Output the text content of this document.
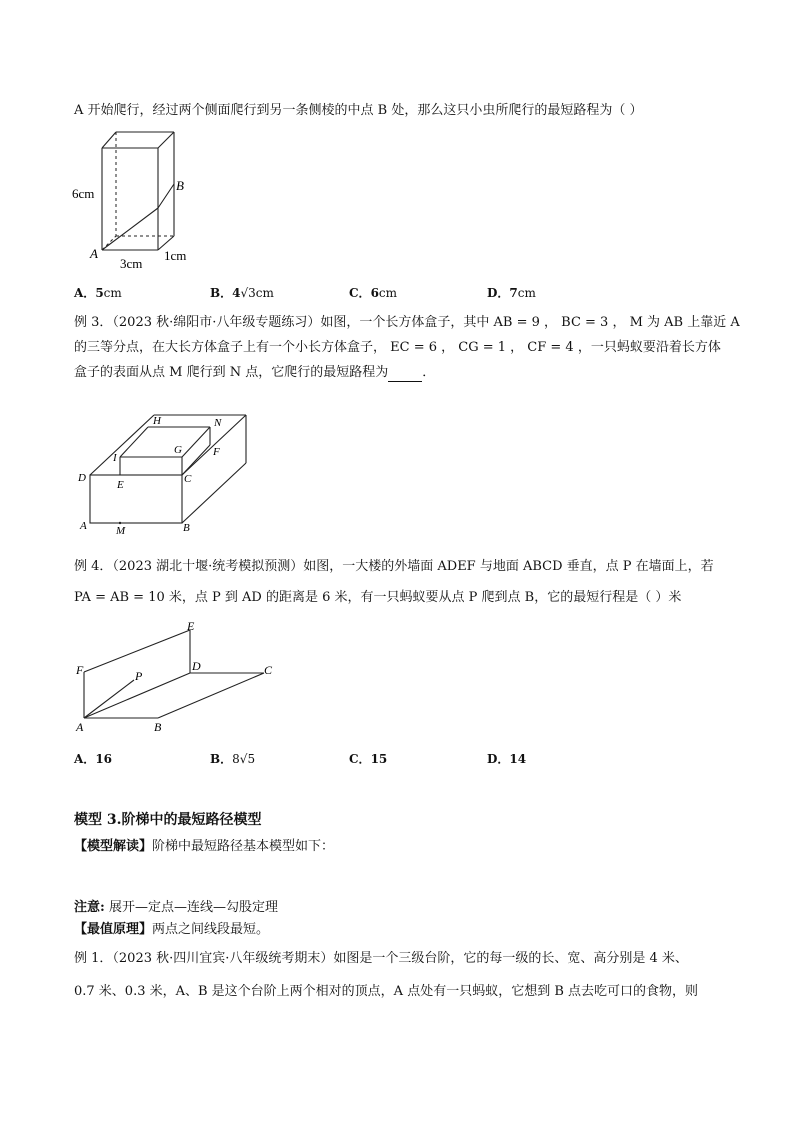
A 开始爬行，经过两个侧面爬行到另一条侧棱的中点 B 处，那么这只小虫所爬行的最短路程为（ ）
6cm
B
A
3cm
1cm
A．5cm	B．4√3cm	C．6cm	D．7cm
例 3．（2023 秋·绵阳市·八年级专题练习）如图，一个长方体盒子，其中 AB = 9 ， BC = 3 ， M 为 AB 上靠近 A
的三等分点，在大长方体盒子上有一个小长方体盒子， EC = 6 ， CG = 1 ， CF = 4 ，一只蚂蚁要沿着长方体
盒子的表面从点 M 爬行到 N 点，它爬行的最短路程为	．
H	N
I
G	F
D
E	C
A	M	B
例 4．（2023 湖北十堰·统考模拟预测）如图，一大楼的外墙面 ADEF 与地面 ABCD 垂直，点 P 在墙面上，若
PA = AB = 10 米，点 P 到 AD 的距离是 6 米，有一只蚂蚁要从点 P 爬到点 B，它的最短行程是（ ）米
E
F	P
D	C
A	B
A．16	B．8√5	C．15	D．14
模型 3.阶梯中的最短路径模型
【模型解读】阶梯中最短路径基本模型如下：
注意: 展开—定点—连线—勾股定理
【最值原理】两点之间线段最短。
例 1．（2023 秋·四川宜宾·八年级统考期末）如图是一个三级台阶，它的每一级的长、宽、高分别是 4 米、
0.7 米、0.3 米，A、B 是这个台阶上两个相对的顶点，A 点处有一只蚂蚁，它想到 B 点去吃可口的食物，则
